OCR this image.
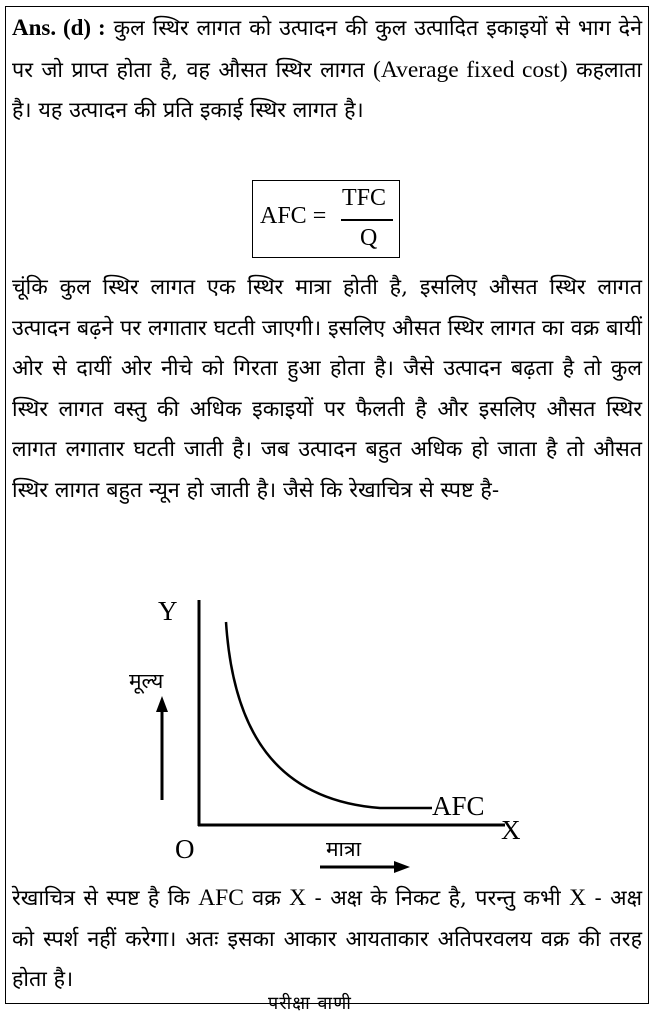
Ans. (d) : कुल स्थिर लागत को उत्पादन की कुल उत्पादित इकाइयों से भाग देने पर जो प्राप्त होता है, वह औसत स्थिर लागत (Average fixed cost) कहलाता है। यह उत्पादन की प्रति इकाई स्थिर लागत है।
AFC =
TFC
Q
चूंकि कुल स्थिर लागत एक स्थिर मात्रा होती है, इसलिए औसत स्थिर लागत उत्पादन बढ़ने पर लगातार घटती जाएगी। इसलिए औसत स्थिर लागत का वक्र बायीं ओर से दायीं ओर नीचे को गिरता हुआ होता है। जैसे उत्पादन बढ़ता है तो कुल स्थिर लागत वस्तु की अधिक इकाइयों पर फैलती है और इसलिए औसत स्थिर लागत लगातार घटती जाती है। जब उत्पादन बहुत अधिक हो जाता है तो औसत स्थिर लागत बहुत न्यून हो जाती है। जैसे कि रेखाचित्र से स्पष्ट है-
Y
X
O
मूल्य
मात्रा
AFC
रेखाचित्र से स्पष्ट है कि AFC वक्र X - अक्ष के निकट है, परन्तु कभी X - अक्ष को स्पर्श नहीं करेगा। अतः इसका आकार आयताकार अतिपरवलय वक्र की तरह होता है।
परीक्षा वाणी
